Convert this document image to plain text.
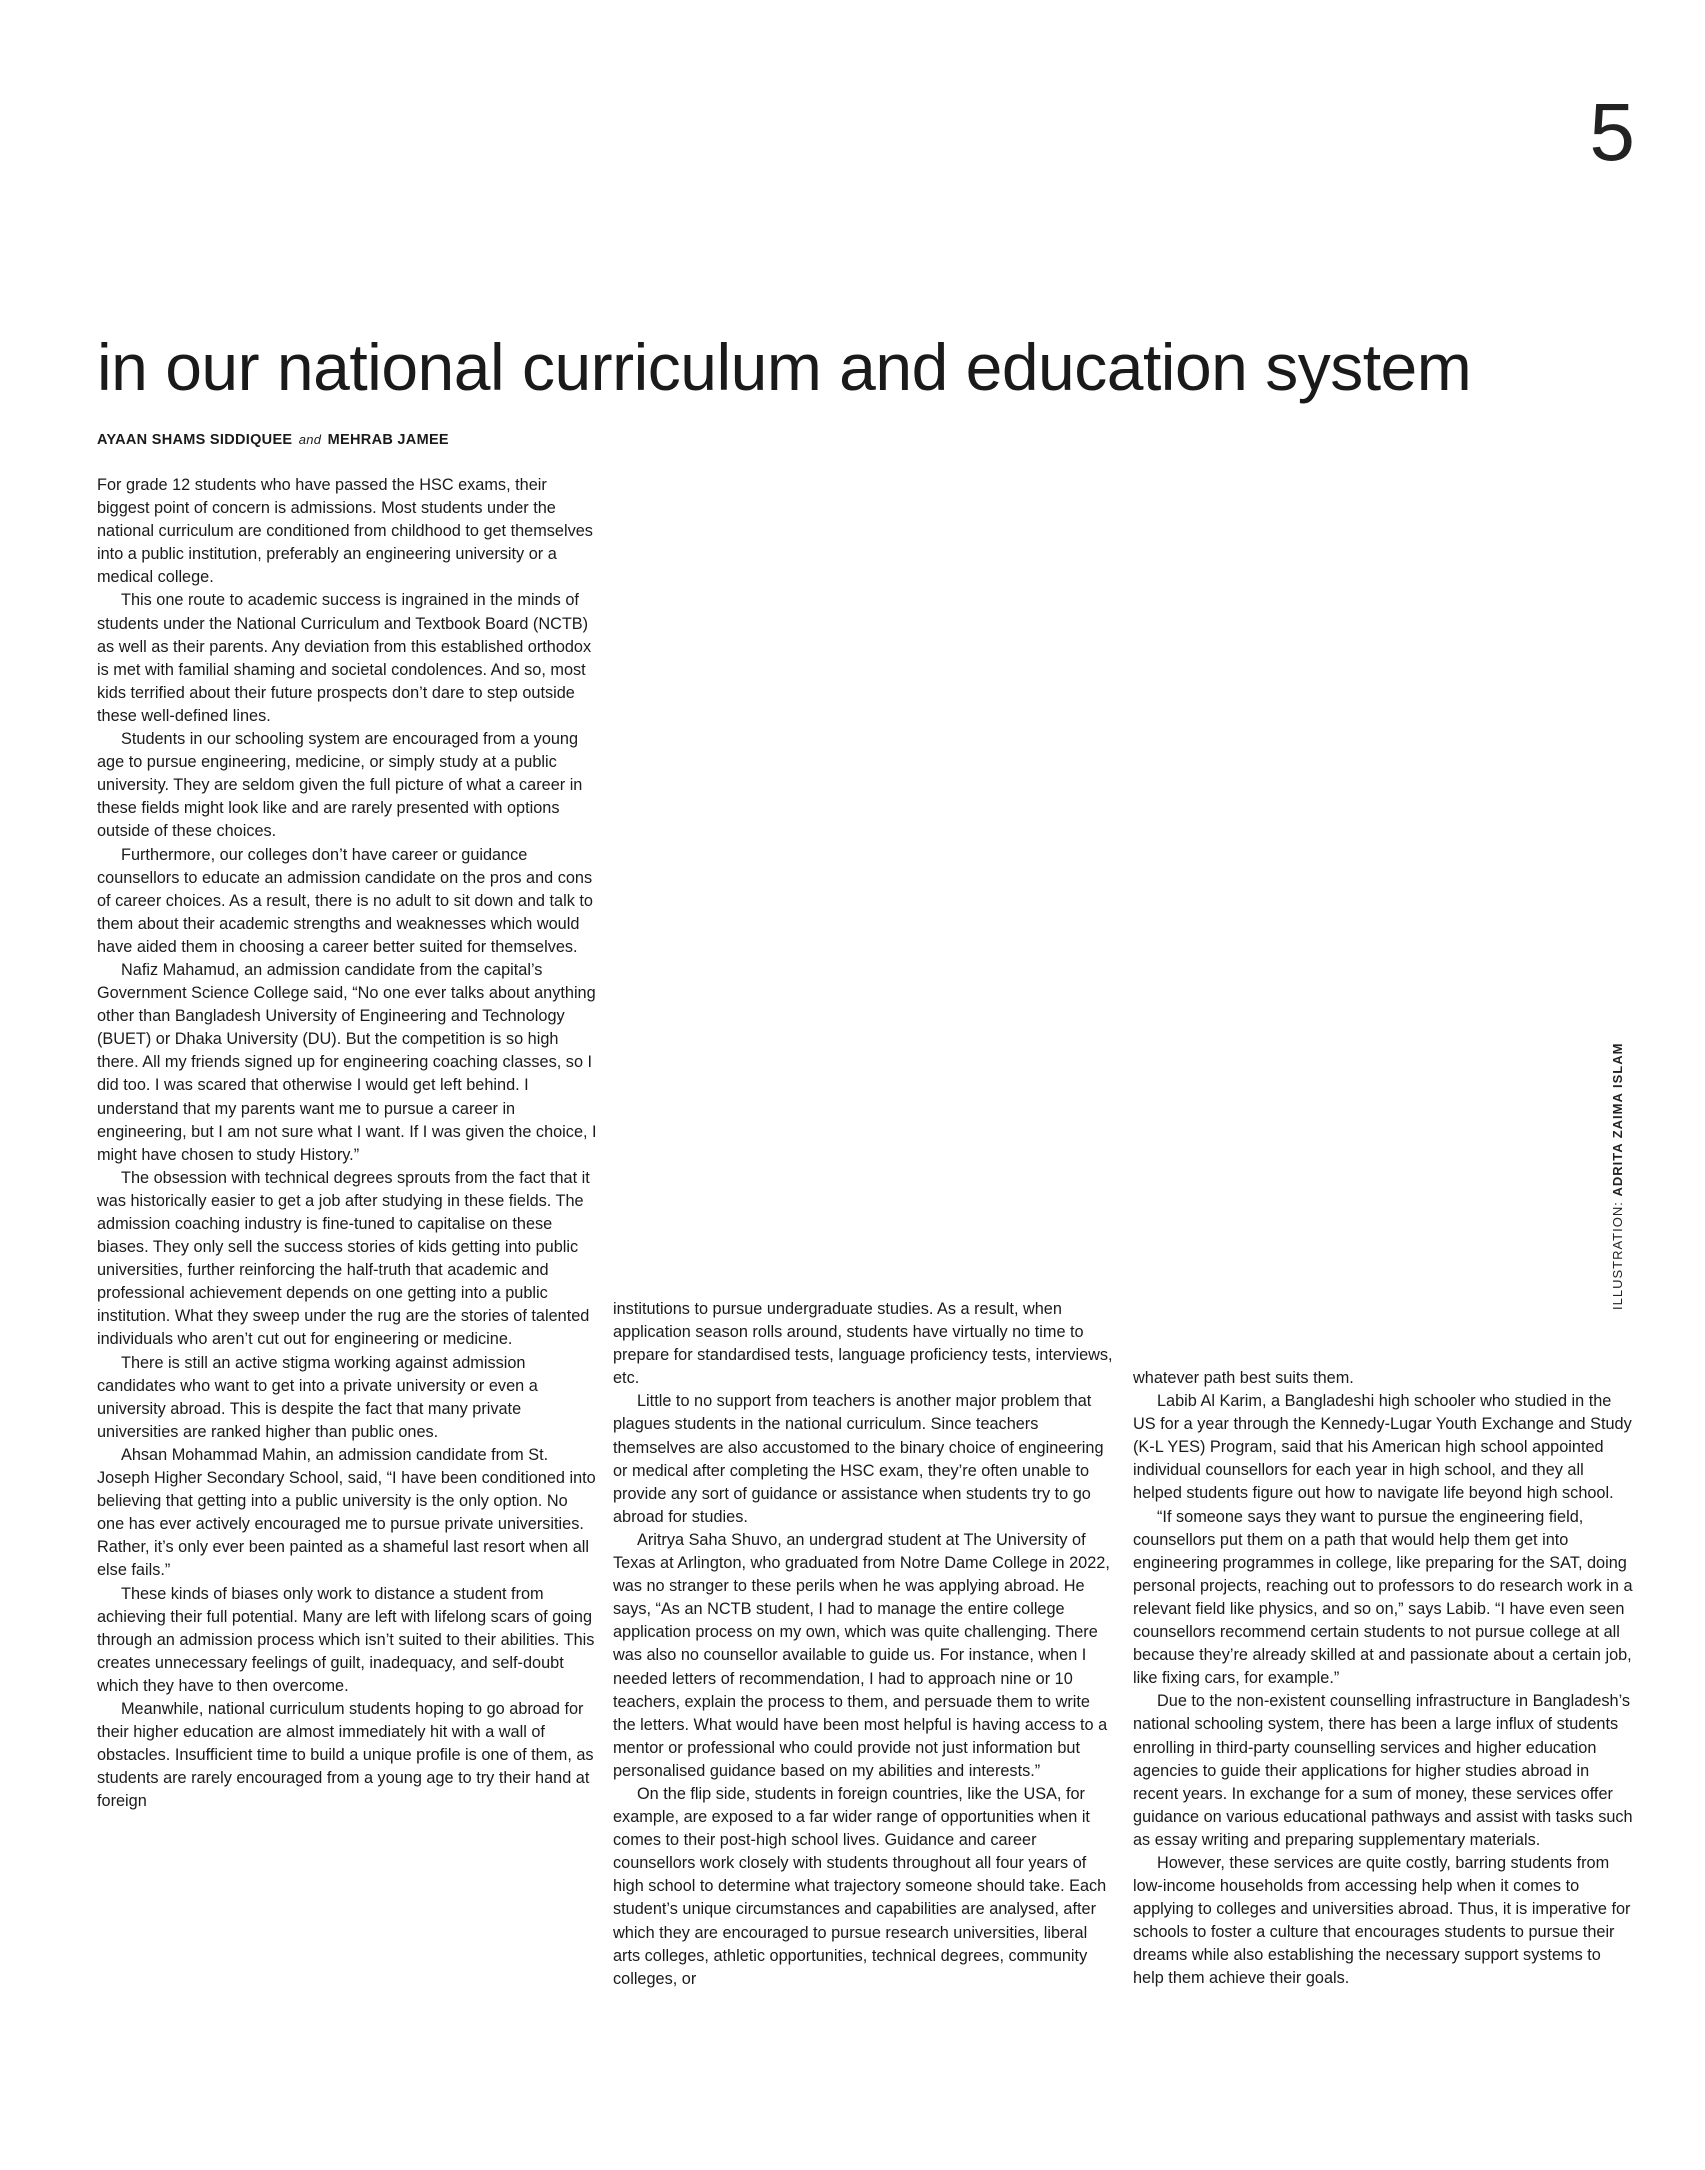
5
in our national curriculum and education system
AYAAN SHAMS SIDDIQUEE and MEHRAB JAMEE

For grade 12 students who have passed the HSC exams, their biggest point of concern is admissions. Most students under the national curriculum are conditioned from childhood to get themselves into a public institution, preferably an engineering university or a medical college.

This one route to academic success is ingrained in the minds of students under the National Curriculum and Textbook Board (NCTB) as well as their parents. Any deviation from this established orthodox is met with familial shaming and societal condolences. And so, most kids terrified about their future prospects don’t dare to step outside these well-defined lines.

Students in our schooling system are encouraged from a young age to pursue engineering, medicine, or simply study at a public university. They are seldom given the full picture of what a career in these fields might look like and are rarely presented with options outside of these choices.

Furthermore, our colleges don’t have career or guidance counsellors to educate an admission candidate on the pros and cons of career choices. As a result, there is no adult to sit down and talk to them about their academic strengths and weaknesses which would have aided them in choosing a career better suited for themselves.

Nafiz Mahamud, an admission candidate from the capital’s Government Science College said, “No one ever talks about anything other than Bangladesh University of Engineering and Technology (BUET) or Dhaka University (DU). But the competition is so high there. All my friends signed up for engineering coaching classes, so I did too. I was scared that otherwise I would get left behind. I understand that my parents want me to pursue a career in engineering, but I am not sure what I want. If I was given the choice, I might have chosen to study History.”

The obsession with technical degrees sprouts from the fact that it was historically easier to get a job after studying in these fields. The admission coaching industry is fine-tuned to capitalise on these biases. They only sell the success stories of kids getting into public universities, further reinforcing the half-truth that academic and professional achievement depends on one getting into a public institution. What they sweep under the rug are the stories of talented individuals who aren’t cut out for engineering or medicine.

There is still an active stigma working against admission candidates who want to get into a private university or even a university abroad. This is despite the fact that many private universities are ranked higher than public ones.

Ahsan Mohammad Mahin, an admission candidate from St. Joseph Higher Secondary School, said, “I have been conditioned into believing that getting into a public university is the only option. No one has ever actively encouraged me to pursue private universities. Rather, it’s only ever been painted as a shameful last resort when all else fails.”

These kinds of biases only work to distance a student from achieving their full potential. Many are left with lifelong scars of going through an admission process which isn’t suited to their abilities. This creates unnecessary feelings of guilt, inadequacy, and self-doubt which they have to then overcome.

Meanwhile, national curriculum students hoping to go abroad for their higher education are almost immediately hit with a wall of obstacles. Insufficient time to build a unique profile is one of them, as students are rarely encouraged from a young age to try their hand at foreign

institutions to pursue undergraduate studies. As a result, when application season rolls around, students have virtually no time to prepare for standardised tests, language proficiency tests, interviews, etc.

Little to no support from teachers is another major problem that plagues students in the national curriculum. Since teachers themselves are also accustomed to the binary choice of engineering or medical after completing the HSC exam, they’re often unable to provide any sort of guidance or assistance when students try to go abroad for studies.

Aritrya Saha Shuvo, an undergrad student at The University of Texas at Arlington, who graduated from Notre Dame College in 2022, was no stranger to these perils when he was applying abroad. He says, “As an NCTB student, I had to manage the entire college application process on my own, which was quite challenging. There was also no counsellor available to guide us. For instance, when I needed letters of recommendation, I had to approach nine or 10 teachers, explain the process to them, and persuade them to write the letters. What would have been most helpful is having access to a mentor or professional who could provide not just information but personalised guidance based on my abilities and interests.”

On the flip side, students in foreign countries, like the USA, for example, are exposed to a far wider range of opportunities when it comes to their post-high school lives. Guidance and career counsellors work closely with students throughout all four years of high school to determine what trajectory someone should take. Each student’s unique circumstances and capabilities are analysed, after which they are encouraged to pursue research universities, liberal arts colleges, athletic opportunities, technical degrees, community colleges, or

whatever path best suits them.

Labib Al Karim, a Bangladeshi high schooler who studied in the US for a year through the Kennedy-Lugar Youth Exchange and Study (K-L YES) Program, said that his American high school appointed individual counsellors for each year in high school, and they all helped students figure out how to navigate life beyond high school.

“If someone says they want to pursue the engineering field, counsellors put them on a path that would help them get into engineering programmes in college, like preparing for the SAT, doing personal projects, reaching out to professors to do research work in a relevant field like physics, and so on,” says Labib. “I have even seen counsellors recommend certain students to not pursue college at all because they’re already skilled at and passionate about a certain job, like fixing cars, for example.”

Due to the non-existent counselling infrastructure in Bangladesh’s national schooling system, there has been a large influx of students enrolling in third-party counselling services and higher education agencies to guide their applications for higher studies abroad in recent years. In exchange for a sum of money, these services offer guidance on various educational pathways and assist with tasks such as essay writing and preparing supplementary materials.

However, these services are quite costly, barring students from low-income households from accessing help when it comes to applying to colleges and universities abroad. Thus, it is imperative for schools to foster a culture that encourages students to pursue their dreams while also establishing the necessary support systems to help them achieve their goals.

ILLUSTRATION: ADRITA ZAIMA ISLAM
